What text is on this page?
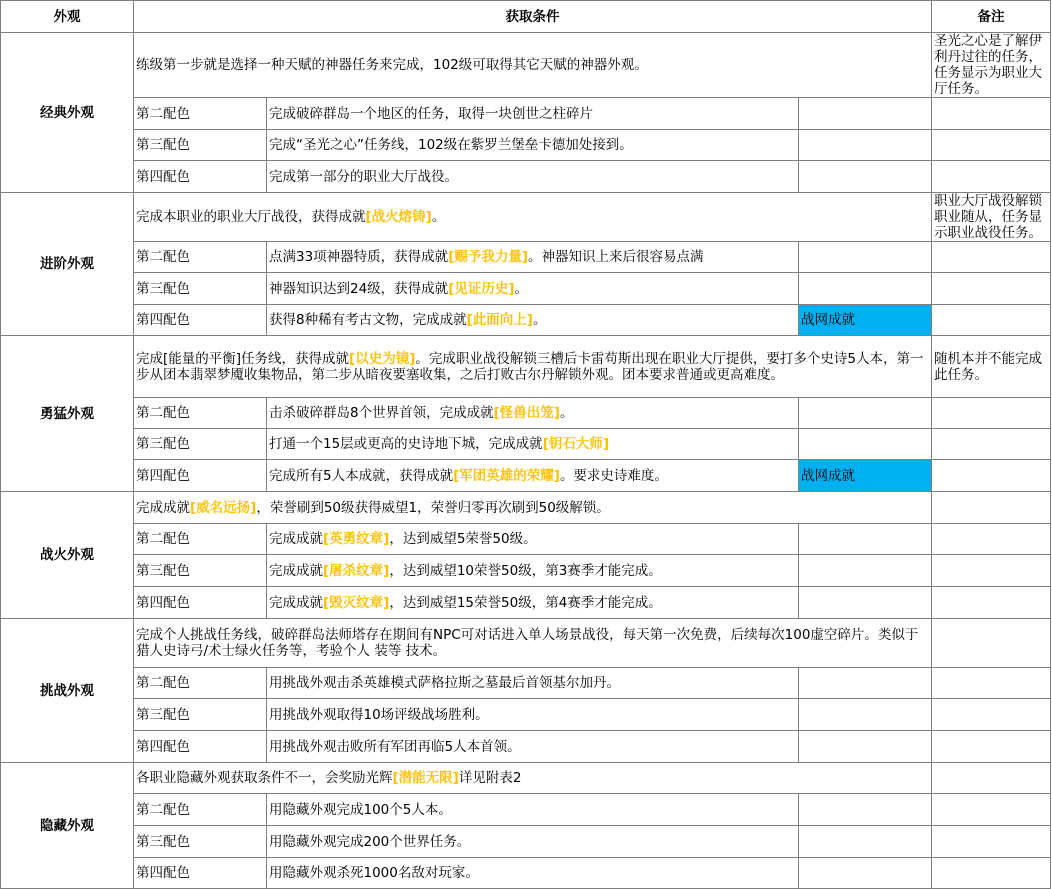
外观	获取条件			备注
经典外观	练级第一步就是选择一种天赋的神器任务来完成，102级可取得其它天赋的神器外观。			圣光之心是了解伊利丹过往的任务，任务显示为职业大厅任务。
	第二配色	完成破碎群岛一个地区的任务，取得一块创世之柱碎片		
	第三配色	完成“圣光之心”任务线，102级在紫罗兰堡垒卡德加处接到。		
	第四配色	完成第一部分的职业大厅战役。		
进阶外观	完成本职业的职业大厅战役，获得成就[战火熔铸]。			职业大厅战役解锁职业随从，任务显示职业战役任务。
	第二配色	点满33项神器特质，获得成就[赐予我力量]。神器知识上来后很容易点满		
	第三配色	神器知识达到24级，获得成就[见证历史]。		
	第四配色	获得8种稀有考古文物，完成成就[此面向上]。	战网成就	
勇猛外观	完成[能量的平衡]任务线，获得成就[以史为镜]。完成职业战役解锁三槽后卡雷苟斯出现在职业大厅提供，要打多个史诗5人本，第一步从团本翡翠梦魇收集物品，第二步从暗夜要塞收集，之后打败古尔丹解锁外观。团本要求普通或更高难度。			随机本并不能完成此任务。
	第二配色	击杀破碎群岛8个世界首领，完成成就[怪兽出笼]。		
	第三配色	打通一个15层或更高的史诗地下城，完成成就[钥石大师]		
	第四配色	完成所有5人本成就，获得成就[军团英雄的荣耀]。要求史诗难度。	战网成就	
战火外观	完成成就[威名远扬]，荣誉刷到50级获得威望1，荣誉归零再次刷到50级解锁。			
	第二配色	完成成就[英勇纹章]，达到威望5荣誉50级。		
	第三配色	完成成就[屠杀纹章]，达到威望10荣誉50级，第3赛季才能完成。		
	第四配色	完成成就[毁灭纹章]，达到威望15荣誉50级，第4赛季才能完成。		
挑战外观	完成个人挑战任务线，破碎群岛法师塔存在期间有NPC可对话进入单人场景战役，每天第一次免费，后续每次100虚空碎片。类似于猎人史诗弓/术士绿火任务等，考验个人 装等 技术。			
	第二配色	用挑战外观击杀英雄模式萨格拉斯之墓最后首领基尔加丹。		
	第三配色	用挑战外观取得10场评级战场胜利。		
	第四配色	用挑战外观击败所有军团再临5人本首领。		
隐藏外观	各职业隐藏外观获取条件不一，会奖励光辉[潜能无限]详见附表2			
	第二配色	用隐藏外观完成100个5人本。		
	第三配色	用隐藏外观完成200个世界任务。		
	第四配色	用隐藏外观杀死1000名敌对玩家。		
